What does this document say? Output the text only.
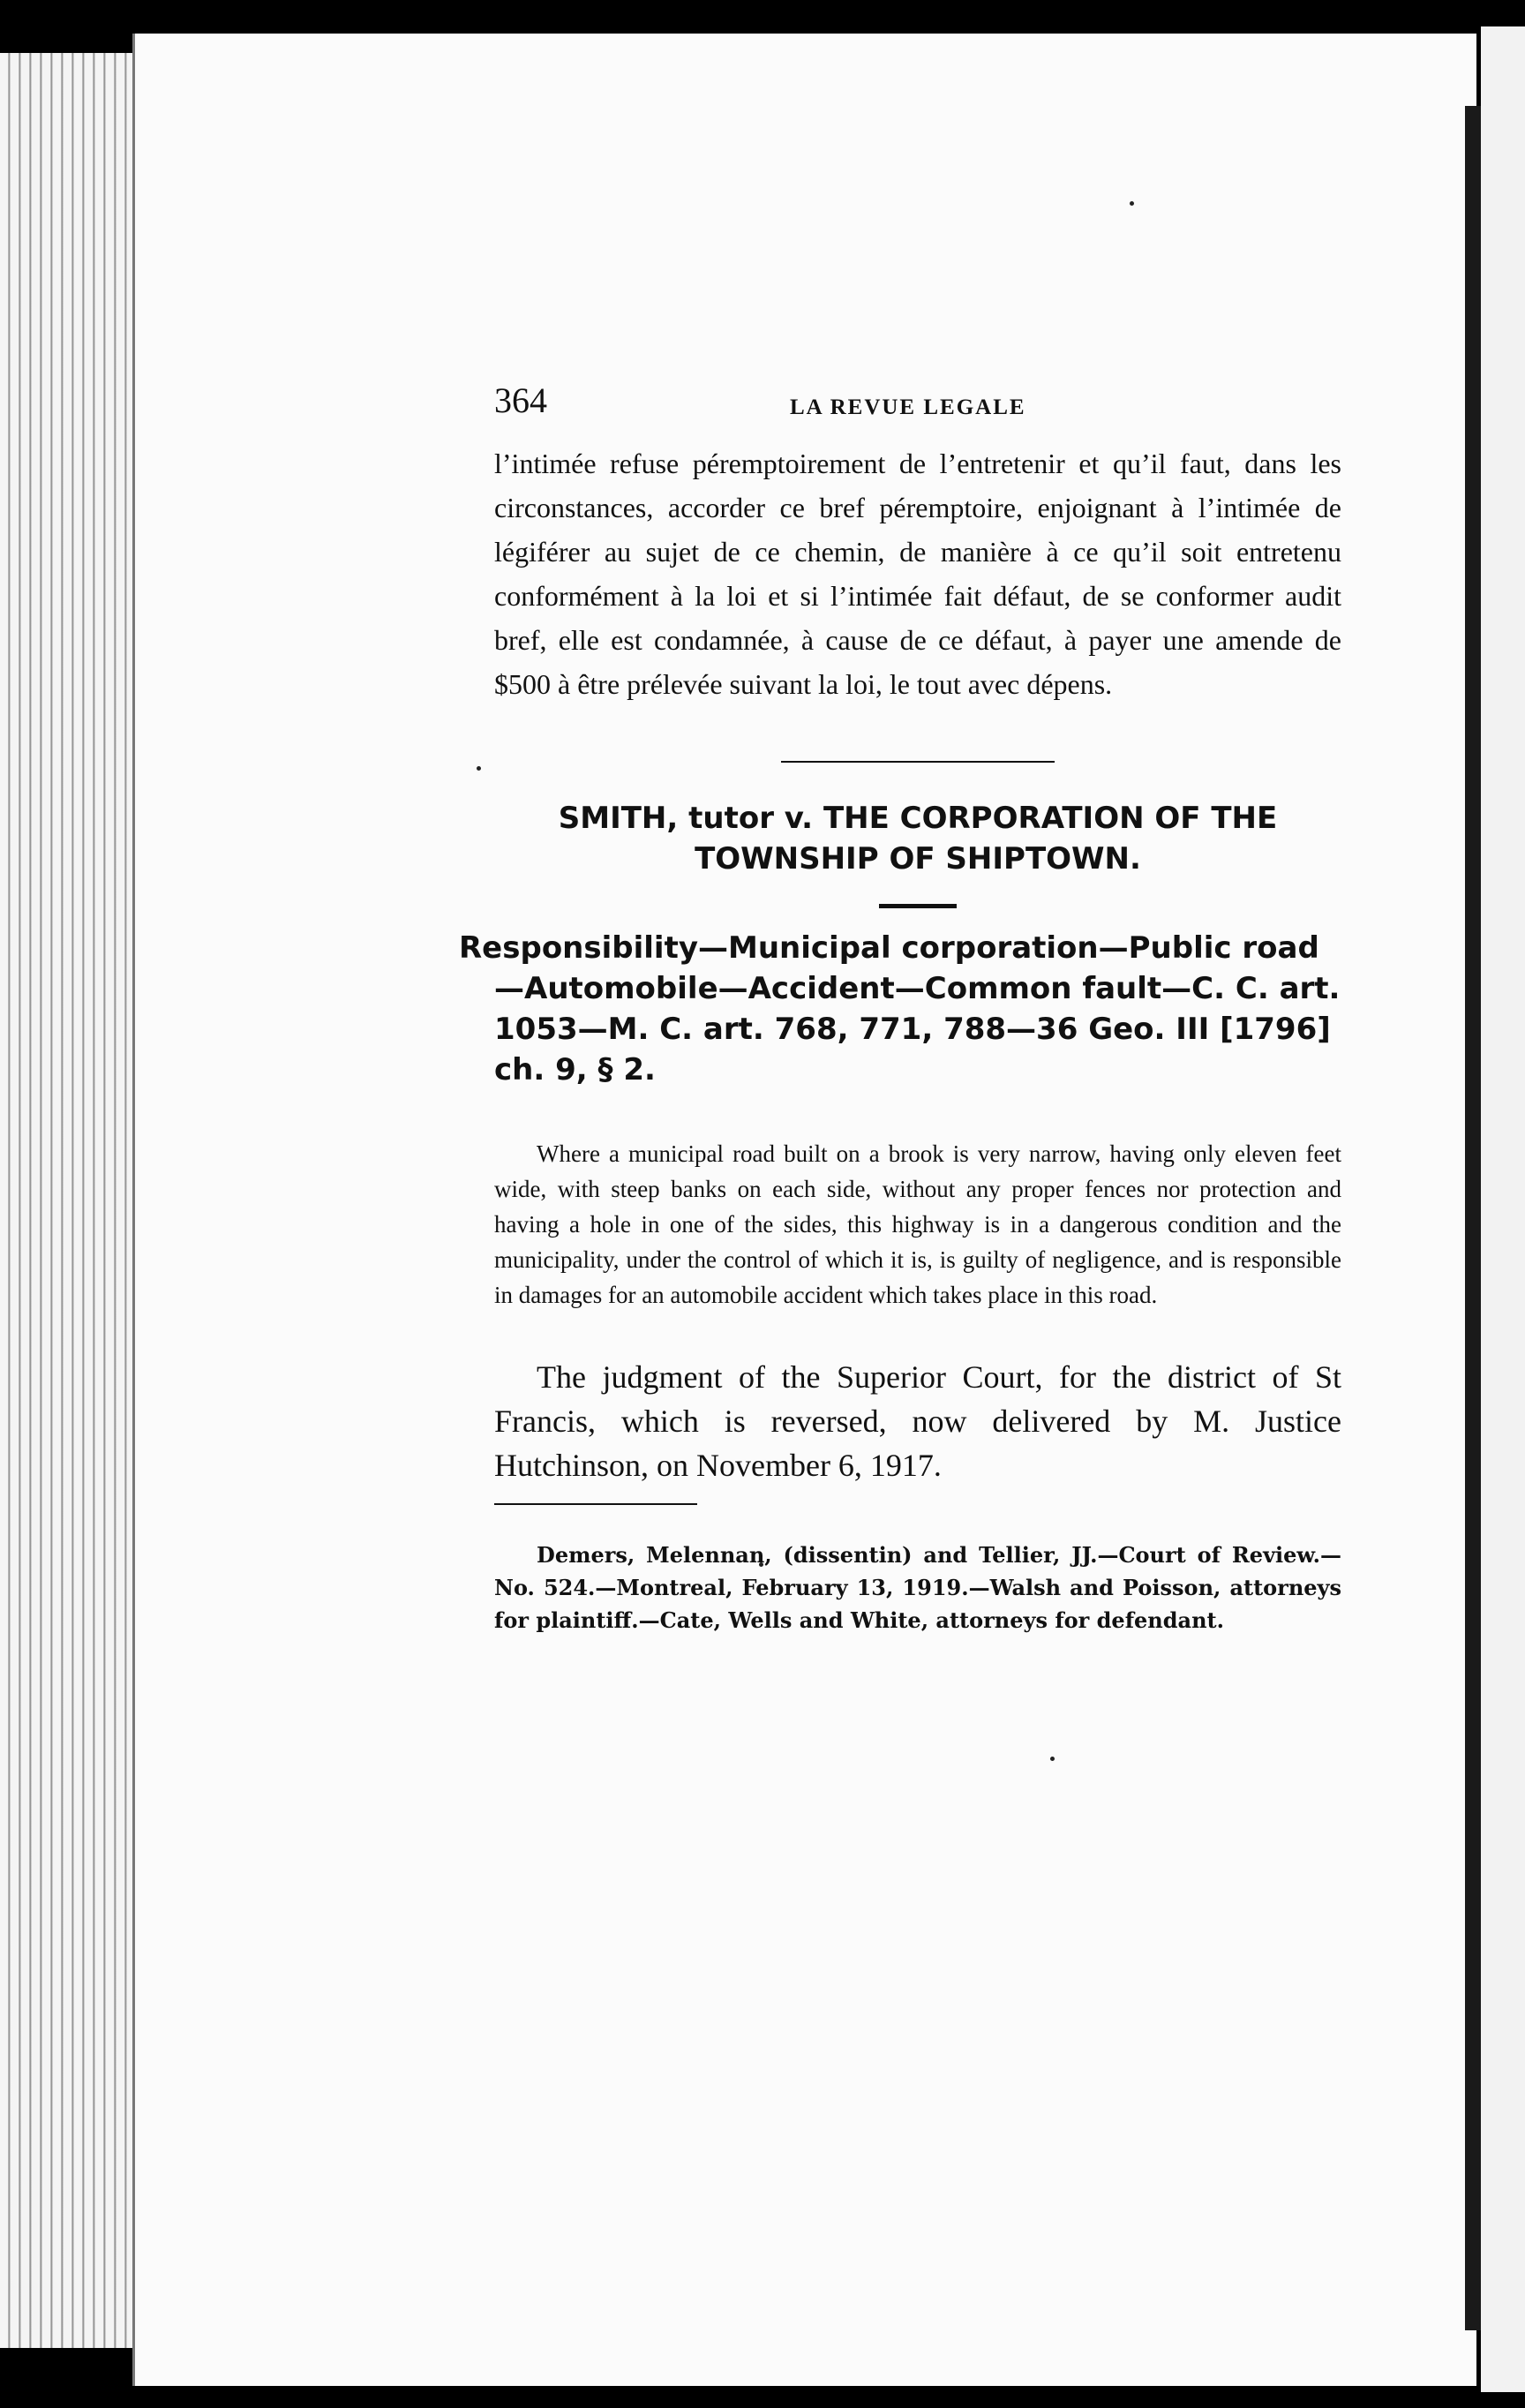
364	LA REVUE LEGALE

l’intimée refuse péremptoirement de l’entretenir et qu’il faut, dans les circonstances, accorder ce bref péremptoire, enjoignant à l’intimée de légiférer au sujet de ce chemin, de manière à ce qu’il soit entretenu conformément à la loi et si l’intimée fait défaut, de se conformer audit bref, elle est condamnée, à cause de ce défaut, à payer une amende de $500 à être prélevée suivant la loi, le tout avec dépens.

SMITH, tutor v. THE CORPORATION OF THE TOWNSHIP OF SHIPTOWN.

Responsibility—Municipal corporation—Public road —Automobile—Accident—Common fault—C. C. art. 1053—M. C. art. 768, 771, 788—36 Geo. III [1796] ch. 9, § 2.

Where a municipal road built on a brook is very narrow, having only eleven feet wide, with steep banks on each side, without any proper fences nor protection and having a hole in one of the sides, this highway is in a dangerous condition and the municipality, under the control of which it is, is guilty of negligence, and is responsible in damages for an automobile accident which takes place in this road.

The judgment of the Superior Court, for the district of St Francis, which is reversed, now delivered by M. Justice Hutchinson, on November 6, 1917.

Demers, Melennan, (dissentin) and Tellier, JJ.—Court of Review.—No. 524.—Montreal, February 13, 1919.—Walsh and Poisson, attorneys for plaintiff.—Cate, Wells and White, attorneys for defendant.
